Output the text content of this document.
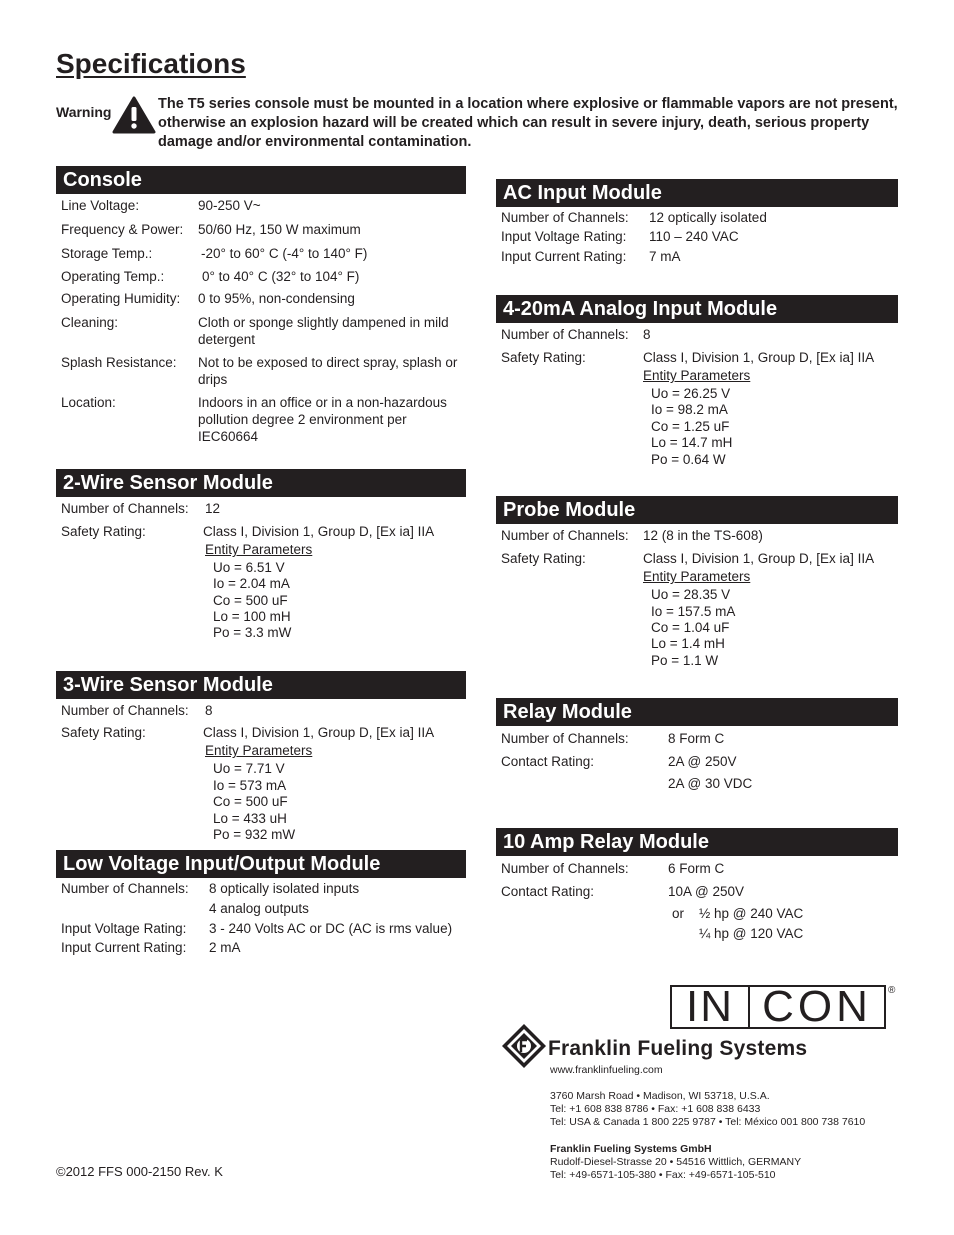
Specifications
Warning	The T5 series console must be mounted in a location where explosive or flammable vapors are not present, otherwise an explosion hazard will be created which can result in severe injury, death, serious property damage and/or environmental contamination.
Console
Line Voltage:	90-250 V~
Frequency & Power: 50/60 Hz, 150 W maximum
Storage Temp.:	-20° to 60° C (-4° to 140° F)
Operating Temp.:	0° to 40° C (32° to 104° F)
Operating Humidity: 0 to 95%, non-condensing
Cleaning:	Cloth or sponge slightly dampened in mild detergent
Splash Resistance: Not to be exposed to direct spray, splash or drips
Location:	Indoors in an office or in a non-hazardous pollution degree 2 environment per IEC60664
2-Wire Sensor Module
Number of Channels: 12
Safety Rating:	Class I, Division 1, Group D, [Ex ia] IIA
Entity Parameters
Uo = 6.51 V
Io = 2.04 mA
Co = 500 uF
Lo = 100 mH
Po = 3.3 mW
3-Wire Sensor Module
Number of Channels: 8
Safety Rating:	Class I, Division 1, Group D, [Ex ia] IIA
Entity Parameters
Uo = 7.71 V
Io = 573 mA
Co = 500 uF
Lo = 433 uH
Po = 932 mW
Low Voltage Input/Output Module
Number of Channels: 8 optically isolated inputs
4 analog outputs
Input Voltage Rating: 3 - 240 Volts AC or DC (AC is rms value)
Input Current Rating: 2 mA
AC Input Module
Number of Channels: 12 optically isolated
Input Voltage Rating: 110 – 240 VAC
Input Current Rating: 7 mA
4-20mA Analog Input Module
Number of Channels: 8
Safety Rating:	Class I, Division 1, Group D, [Ex ia] IIA
Entity Parameters
Uo = 26.25 V
Io = 98.2 mA
Co = 1.25 uF
Lo = 14.7 mH
Po = 0.64 W
Probe Module
Number of Channels: 12 (8 in the TS-608)
Safety Rating:	Class I, Division 1, Group D, [Ex ia] IIA
Entity Parameters
Uo = 28.35 V
Io = 157.5 mA
Co = 1.04 uF
Lo = 1.4 mH
Po = 1.1 W
Relay Module
Number of Channels:	8 Form C
Contact Rating:	2A @ 250V
2A @ 30 VDC
10 Amp Relay Module
Number of Channels:	6 Form C
Contact Rating:	10A @ 250V
or ½ hp @ 240 VAC
¼ hp @ 120 VAC
IN CON	®
Franklin Fueling Systems
www.franklinfueling.com
3760 Marsh Road • Madison, WI 53718, U.S.A.
Tel: +1 608 838 8786 • Fax: +1 608 838 6433
Tel: USA & Canada 1 800 225 9787 • Tel: México 001 800 738 7610
Franklin Fueling Systems GmbH
Rudolf-Diesel-Strasse 20 • 54516 Wittlich, GERMANY
Tel: +49-6571-105-380 • Fax: +49-6571-105-510
©2012 FFS 000-2150 Rev. K
